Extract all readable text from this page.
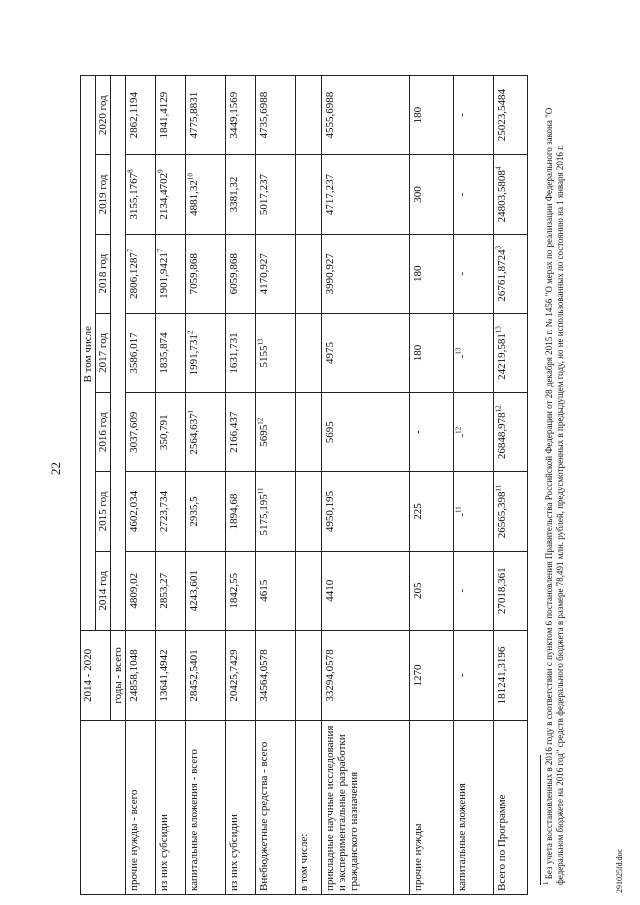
22
	2014 - 2020	В том числе						
		2014 год	2015 год	2016 год	2017 год	2018 год	2019 год	2020 год
	годы - всего							
прочие нужды - всего	24858,1048	4809,02	4602,034	3037,609	3586,017	2806,1287$^7$	3155,1767$^8$	2862,1194
из них субсидии	13641,4942	2853,27	2723,734	350,791	1835,874	1901,9421$^7$	2134,4702$^9$	1841,4129
капитальные вложения - всего	28452,5401	4243,601	2935,5	2564,637$^1$	1991,731$^2$	7059,868	4881,32$^{10}$	4775,8831
из них субсидии	20425,7429	1842,55	1894,68	2166,437	1631,731	6059,868	3381,32	3449,1569
Внебюджетные средства - всего	34564,0578	4615	5175,195$^{11}$	5695$^{12}$	5155$^{13}$	4170,927	5017,237	4735,6988
в том числе:								
прикладные научные исследования и экспериментальные разработки гражданского назначения	33294,0578	4410	4950,195	5695	4975	3990,927	4717,237	4555,6988
прочие нужды	1270	205	225	-	180	180	300	180
капитальные вложения	-	-	-$^{11}$	-$^{12}$	-$^{13}$	-	-	-
Всего по Программе	181241,3196	27018,361	26565,398$^{11}$	26848,978$^{12}$	24219,581$^{13}$	26761,8724$^3$	24803,5808$^4$	25023,5484
$^1$ Без учета восстановленных в 2016 году в соответствии с пунктом 6 постановления Правительства Российской Федерации от 28 декабря 2015 г. № 1456 "О мерах по реализации Федерального закона "О федеральном бюджете на 2016 год" средств федерального бюджета в размере 78,491 млн. рублей, предусмотренных в предыдущем году, но не использованных по состоянию на 1 января 2016 г.	291025fd.doc
